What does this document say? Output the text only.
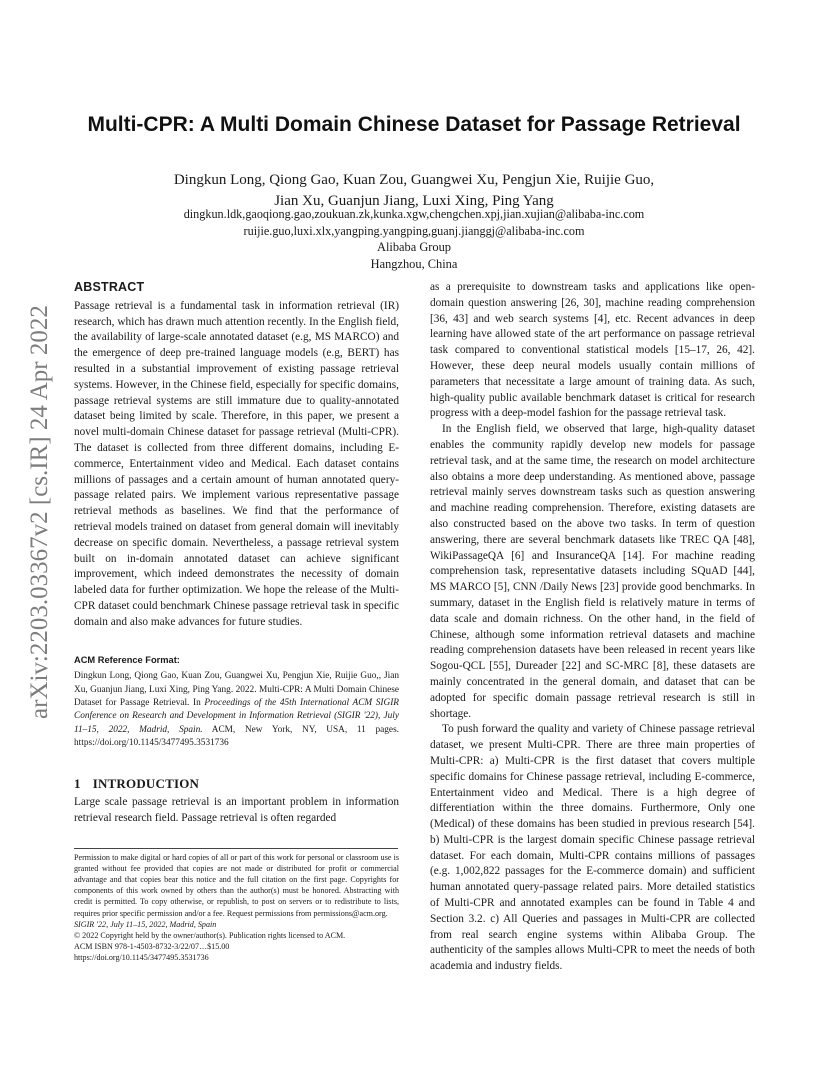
arXiv:2203.03367v2 [cs.IR] 24 Apr 2022
Multi-CPR: A Multi Domain Chinese Dataset for Passage Retrieval
Dingkun Long, Qiong Gao, Kuan Zou, Guangwei Xu, Pengjun Xie, Ruijie Guo,
Jian Xu, Guanjun Jiang, Luxi Xing, Ping Yang
dingkun.ldk,gaoqiong.gao,zoukuan.zk,kunka.xgw,chengchen.xpj,jian.xujian@alibaba-inc.com
ruijie.guo,luxi.xlx,yangping.yangping,guanj.jianggj@alibaba-inc.com
Alibaba Group
Hangzhou, China
ABSTRACT

Passage retrieval is a fundamental task in information retrieval (IR) research, which has drawn much attention recently. In the English field, the availability of large-scale annotated dataset (e.g, MS MARCO) and the emergence of deep pre-trained language models (e.g, BERT) has resulted in a substantial improvement of existing passage retrieval systems. However, in the Chinese field, especially for specific domains, passage retrieval systems are still immature due to quality-annotated dataset being limited by scale. Therefore, in this paper, we present a novel multi-domain Chinese dataset for passage retrieval (Multi-CPR). The dataset is collected from three different domains, including E-commerce, Entertainment video and Medical. Each dataset contains millions of passages and a certain amount of human annotated query-passage related pairs. We implement various representative passage retrieval methods as baselines. We find that the performance of retrieval models trained on dataset from general domain will inevitably decrease on specific domain. Nevertheless, a passage retrieval system built on in-domain annotated dataset can achieve significant improvement, which indeed demonstrates the necessity of domain labeled data for further optimization. We hope the release of the Multi-CPR dataset could benchmark Chinese passage retrieval task in specific domain and also make advances for future studies.

ACM Reference Format:

Dingkun Long, Qiong Gao, Kuan Zou, Guangwei Xu, Pengjun Xie, Ruijie Guo,, Jian Xu, Guanjun Jiang, Luxi Xing, Ping Yang. 2022. Multi-CPR: A Multi Domain Chinese Dataset for Passage Retrieval. In Proceedings of the 45th International ACM SIGIR Conference on Research and Development in Information Retrieval (SIGIR '22), July 11–15, 2022, Madrid, Spain. ACM, New York, NY, USA, 11 pages. https://doi.org/10.1145/3477495.3531736

1 INTRODUCTION

Large scale passage retrieval is an important problem in information retrieval research field. Passage retrieval is often regarded

Permission to make digital or hard copies of all or part of this work for personal or classroom use is granted without fee provided that copies are not made or distributed for profit or commercial advantage and that copies bear this notice and the full citation on the first page. Copyrights for components of this work owned by others than the author(s) must be honored. Abstracting with credit is permitted. To copy otherwise, or republish, to post on servers or to redistribute to lists, requires prior specific permission and/or a fee. Request permissions from permissions@acm.org.

SIGIR '22, July 11–15, 2022, Madrid, Spain

© 2022 Copyright held by the owner/author(s). Publication rights licensed to ACM.

ACM ISBN 978-1-4503-8732-3/22/07…$15.00

https://doi.org/10.1145/3477495.3531736

as a prerequisite to downstream tasks and applications like open-domain question answering [26, 30], machine reading comprehension [36, 43] and web search systems [4], etc. Recent advances in deep learning have allowed state of the art performance on passage retrieval task compared to conventional statistical models [15–17, 26, 42]. However, these deep neural models usually contain millions of parameters that necessitate a large amount of training data. As such, high-quality public available benchmark dataset is critical for research progress with a deep-model fashion for the passage retrieval task.

In the English field, we observed that large, high-quality dataset enables the community rapidly develop new models for passage retrieval task, and at the same time, the research on model architecture also obtains a more deep understanding. As mentioned above, passage retrieval mainly serves downstream tasks such as question answering and machine reading comprehension. Therefore, existing datasets are also constructed based on the above two tasks. In term of question answering, there are several benchmark datasets like TREC QA [48], WikiPassageQA [6] and InsuranceQA [14]. For machine reading comprehension task, representative datasets including SQuAD [44], MS MARCO [5], CNN /Daily News [23] provide good benchmarks. In summary, dataset in the English field is relatively mature in terms of data scale and domain richness. On the other hand, in the field of Chinese, although some information retrieval datasets and machine reading comprehension datasets have been released in recent years like Sogou-QCL [55], Dureader [22] and SC-MRC [8], these datasets are mainly concentrated in the general domain, and dataset that can be adopted for specific domain passage retrieval research is still in shortage.

To push forward the quality and variety of Chinese passage retrieval dataset, we present Multi-CPR. There are three main properties of Multi-CPR: a) Multi-CPR is the first dataset that covers multiple specific domains for Chinese passage retrieval, including E-commerce, Entertainment video and Medical. There is a high degree of differentiation within the three domains. Furthermore, Only one (Medical) of these domains has been studied in previous research [54]. b) Multi-CPR is the largest domain specific Chinese passage retrieval dataset. For each domain, Multi-CPR contains millions of passages (e.g. 1,002,822 passages for the E-commerce domain) and sufficient human annotated query-passage related pairs. More detailed statistics of Multi-CPR and annotated examples can be found in Table 4 and Section 3.2. c) All Queries and passages in Multi-CPR are collected from real search engine systems within Alibaba Group. The authenticity of the samples allows Multi-CPR to meet the needs of both academia and industry fields.
